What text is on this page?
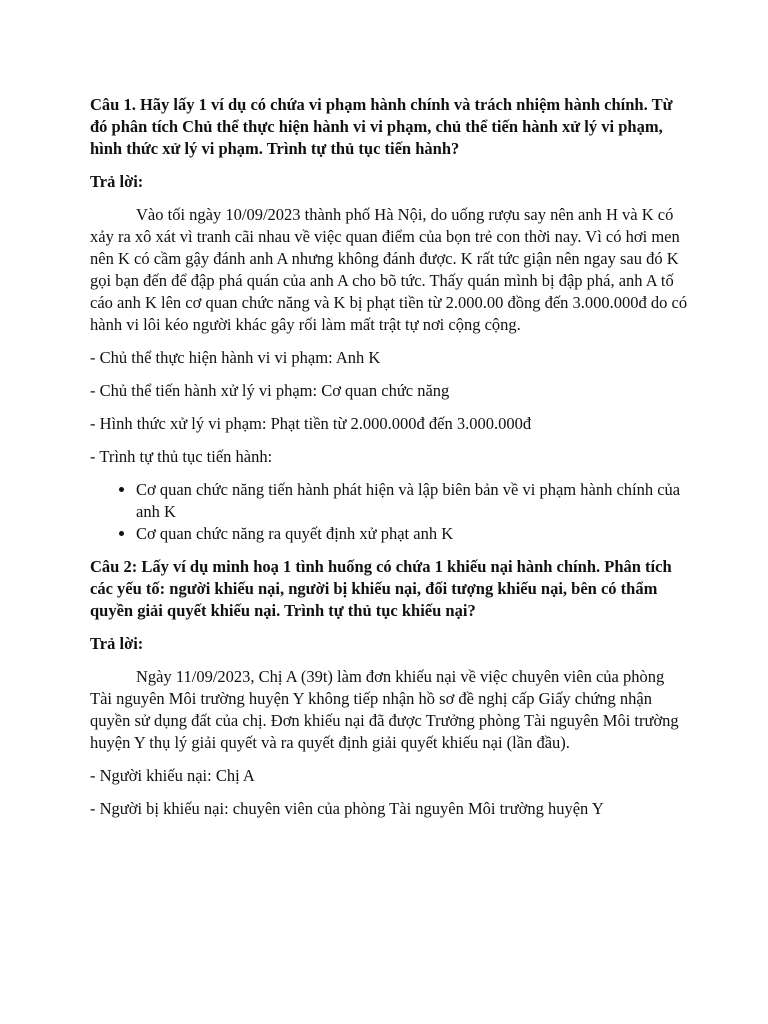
Câu 1. Hãy lấy 1 ví dụ có chứa vi phạm hành chính và trách nhiệm hành chính. Từ đó phân tích Chủ thể thực hiện hành vi vi phạm, chủ thể tiến hành xử lý vi phạm, hình thức xử lý vi phạm. Trình tự thủ tục tiến hành?

Trả lời:

Vào tối ngày 10/09/2023 thành phố Hà Nội, do uống rượu say nên anh H và K có xảy ra xô xát vì tranh cãi nhau về việc quan điểm của bọn trẻ con thời nay. Vì có hơi men nên K có cầm gậy đánh anh A nhưng không đánh được. K rất tức giận nên ngay sau đó K gọi bạn đến để đập phá quán của anh A cho bõ tức. Thấy quán mình bị đập phá, anh A tố cáo anh K lên cơ quan chức năng và K bị phạt tiền từ 2.000.00 đồng đến 3.000.000đ do có hành vi lôi kéo người khác gây rối làm mất trật tự nơi cộng cộng.

- Chủ thể thực hiện hành vi vi phạm: Anh K

- Chủ thể tiến hành xử lý vi phạm: Cơ quan chức năng

- Hình thức xử lý vi phạm: Phạt tiền từ 2.000.000đ đến 3.000.000đ

- Trình tự thủ tục tiến hành:

• Cơ quan chức năng tiến hành phát hiện và lập biên bản về vi phạm hành chính của anh K
• Cơ quan chức năng ra quyết định xử phạt anh K

Câu 2: Lấy ví dụ minh hoạ 1 tình huống có chứa 1 khiếu nại hành chính. Phân tích các yếu tố: người khiếu nại, người bị khiếu nại, đối tượng khiếu nại, bên có thẩm quyền giải quyết khiếu nại. Trình tự thủ tục khiếu nại?

Trả lời:

Ngày 11/09/2023, Chị A (39t) làm đơn khiếu nại về việc chuyên viên của phòng Tài nguyên Môi trường huyện Y không tiếp nhận hồ sơ đề nghị cấp Giấy chứng nhận quyền sử dụng đất của chị. Đơn khiếu nại đã được Trưởng phòng Tài nguyên Môi trường huyện Y thụ lý giải quyết và ra quyết định giải quyết khiếu nại (lần đầu).

- Người khiếu nại: Chị A

- Người bị khiếu nại: chuyên viên của phòng Tài nguyên Môi trường huyện Y
